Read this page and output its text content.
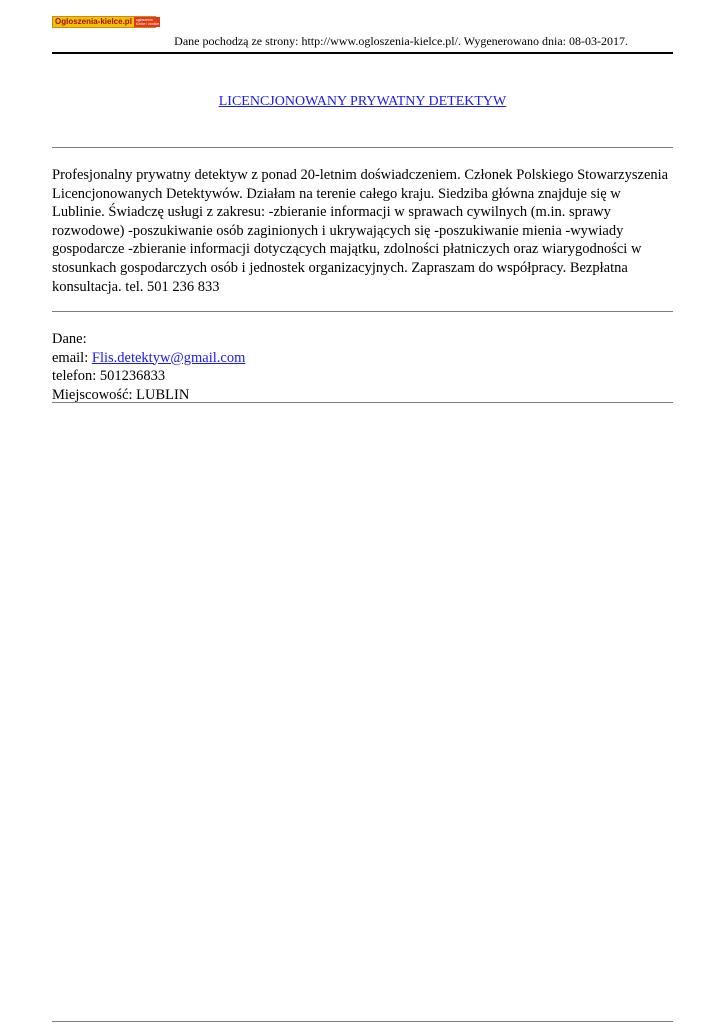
Ogloszenia-kielce.pl	ogłoszenia
Kielce i okolice
Dane pochodzą ze strony: http://www.ogloszenia-kielce.pl/. Wygenerowano dnia: 08-03-2017.
LICENCJONOWANY PRYWATNY DETEKTYW

Profesjonalny prywatny detektyw z ponad 20-letnim doświadczeniem. Członek Polskiego Stowarzyszenia Licencjonowanych Detektywów. Działam na terenie całego kraju. Siedziba główna znajduje się w Lublinie. Świadczę usługi z zakresu: -zbieranie informacji w sprawach cywilnych (m.in. sprawy rozwodowe) -poszukiwanie osób zaginionych i ukrywających się -poszukiwanie mienia -wywiady gospodarcze -zbieranie informacji dotyczących majątku, zdolności płatniczych oraz wiarygodności w stosunkach gospodarczych osób i jednostek organizacyjnych. Zapraszam do współpracy. Bezpłatna konsultacja. tel. 501 236 833

Dane:
email: Flis.detektyw@gmail.com
telefon: 501236833
Miejscowość: LUBLIN
